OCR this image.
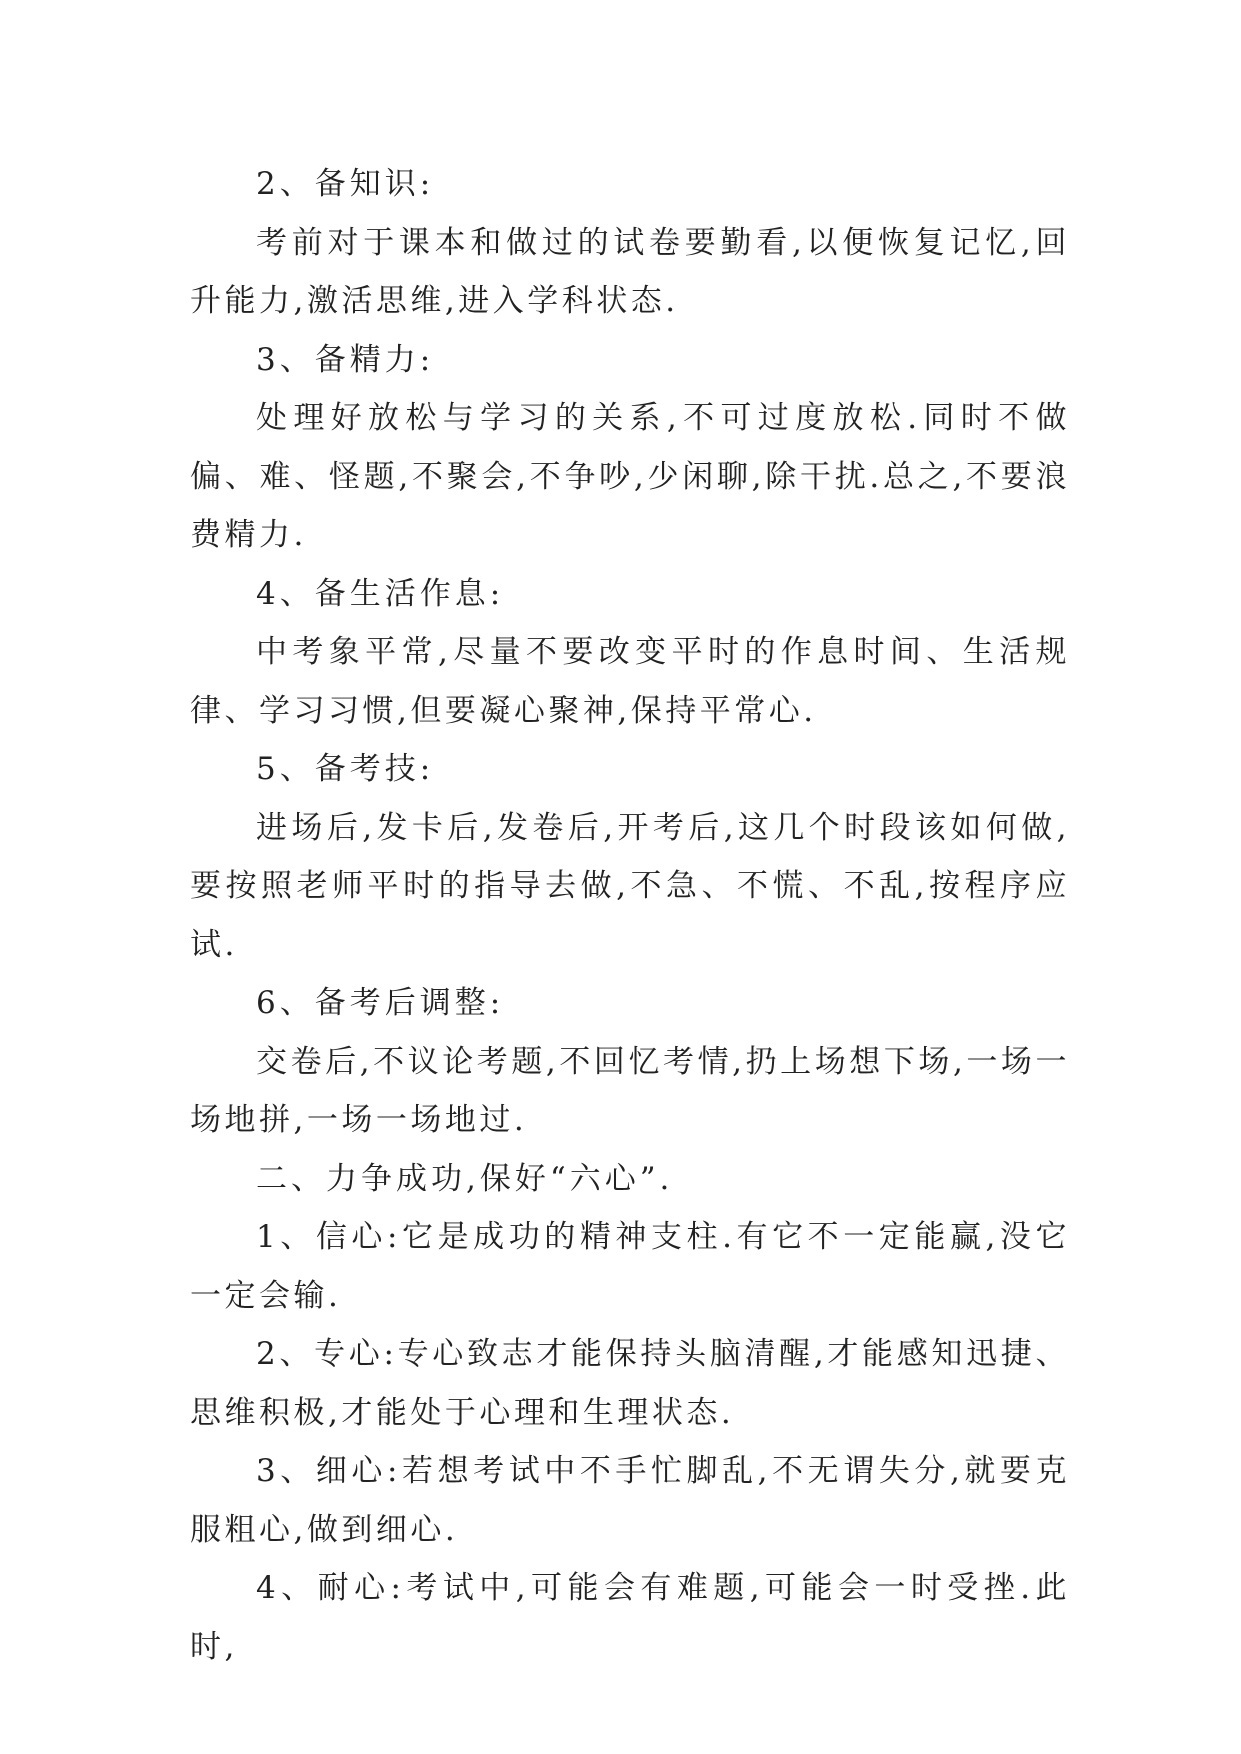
2、备知识:

考前对于课本和做过的试卷要勤看,以便恢复记忆,回升能力,激活思维,进入学科状态.

3、备精力:

处理好放松与学习的关系,不可过度放松.同时不做偏、难、怪题,不聚会,不争吵,少闲聊,除干扰.总之,不要浪费精力.

4、备生活作息:

中考象平常,尽量不要改变平时的作息时间、生活规律、学习习惯,但要凝心聚神,保持平常心.

5、备考技:

进场后,发卡后,发卷后,开考后,这几个时段该如何做,要按照老师平时的指导去做,不急、不慌、不乱,按程序应试.

6、备考后调整:

交卷后,不议论考题,不回忆考情,扔上场想下场,一场一场地拼,一场一场地过.

二、力争成功,保好“六心”.

1、信心:它是成功的精神支柱.有它不一定能赢,没它一定会输.

2、专心:专心致志才能保持头脑清醒,才能感知迅捷、思维积极,才能处于心理和生理状态.

3、细心:若想考试中不手忙脚乱,不无谓失分,就要克服粗心,做到细心.

4、耐心:考试中,可能会有难题,可能会一时受挫.此时,
